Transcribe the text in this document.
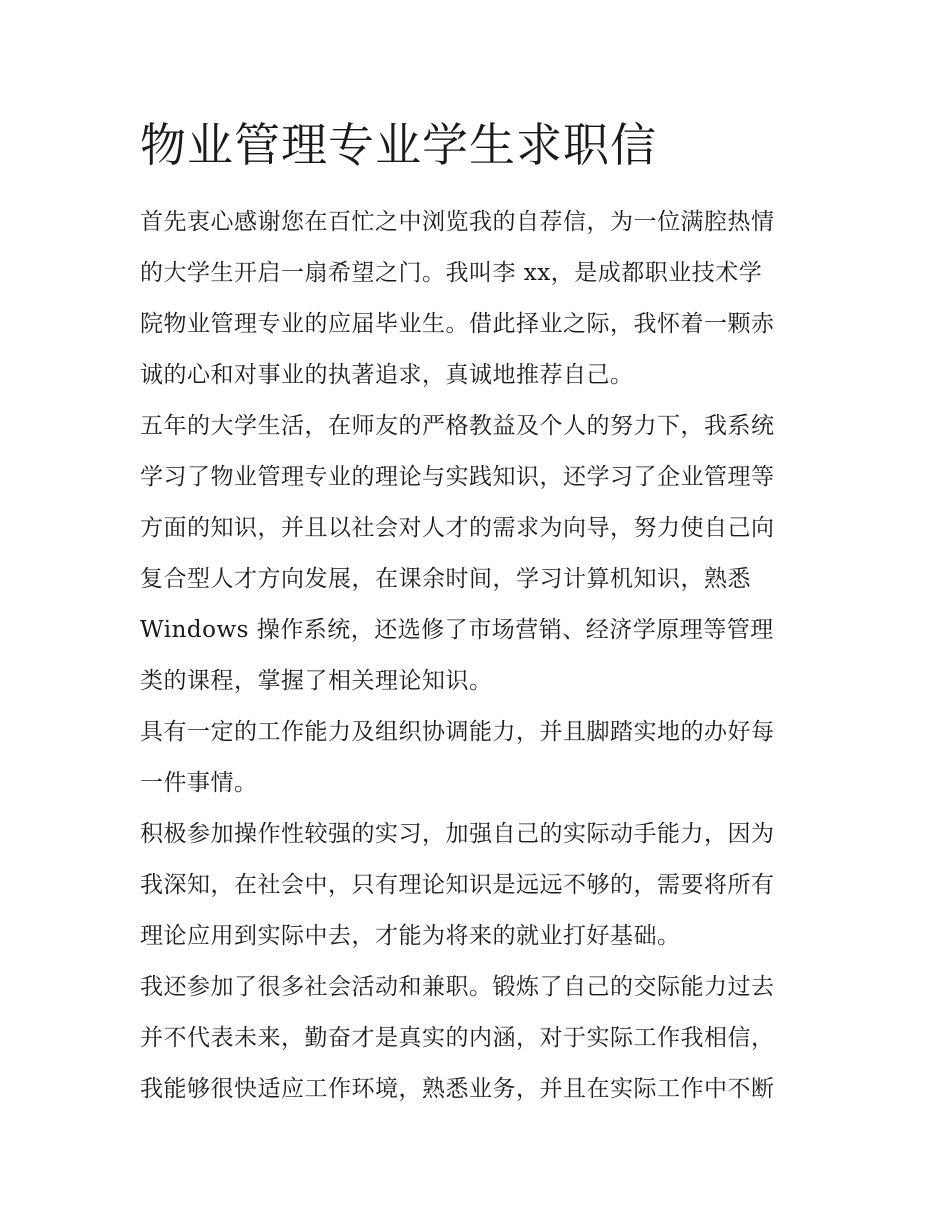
物业管理专业学生求职信
首先衷心感谢您在百忙之中浏览我的自荐信，为一位满腔热情
的大学生开启一扇希望之门。我叫李 xx，是成都职业技术学
院物业管理专业的应届毕业生。借此择业之际，我怀着一颗赤
诚的心和对事业的执著追求，真诚地推荐自己。
五年的大学生活，在师友的严格教益及个人的努力下，我系统
学习了物业管理专业的理论与实践知识，还学习了企业管理等
方面的知识，并且以社会对人才的需求为向导，努力使自己向
复合型人才方向发展，在课余时间，学习计算机知识，熟悉
Windows 操作系统，还选修了市场营销、经济学原理等管理
类的课程，掌握了相关理论知识。
具有一定的工作能力及组织协调能力，并且脚踏实地的办好每
一件事情。
积极参加操作性较强的实习，加强自己的实际动手能力，因为
我深知，在社会中，只有理论知识是远远不够的，需要将所有
理论应用到实际中去，才能为将来的就业打好基础。
我还参加了很多社会活动和兼职。锻炼了自己的交际能力过去
并不代表未来，勤奋才是真实的内涵，对于实际工作我相信，
我能够很快适应工作环境，熟悉业务，并且在实际工作中不断
